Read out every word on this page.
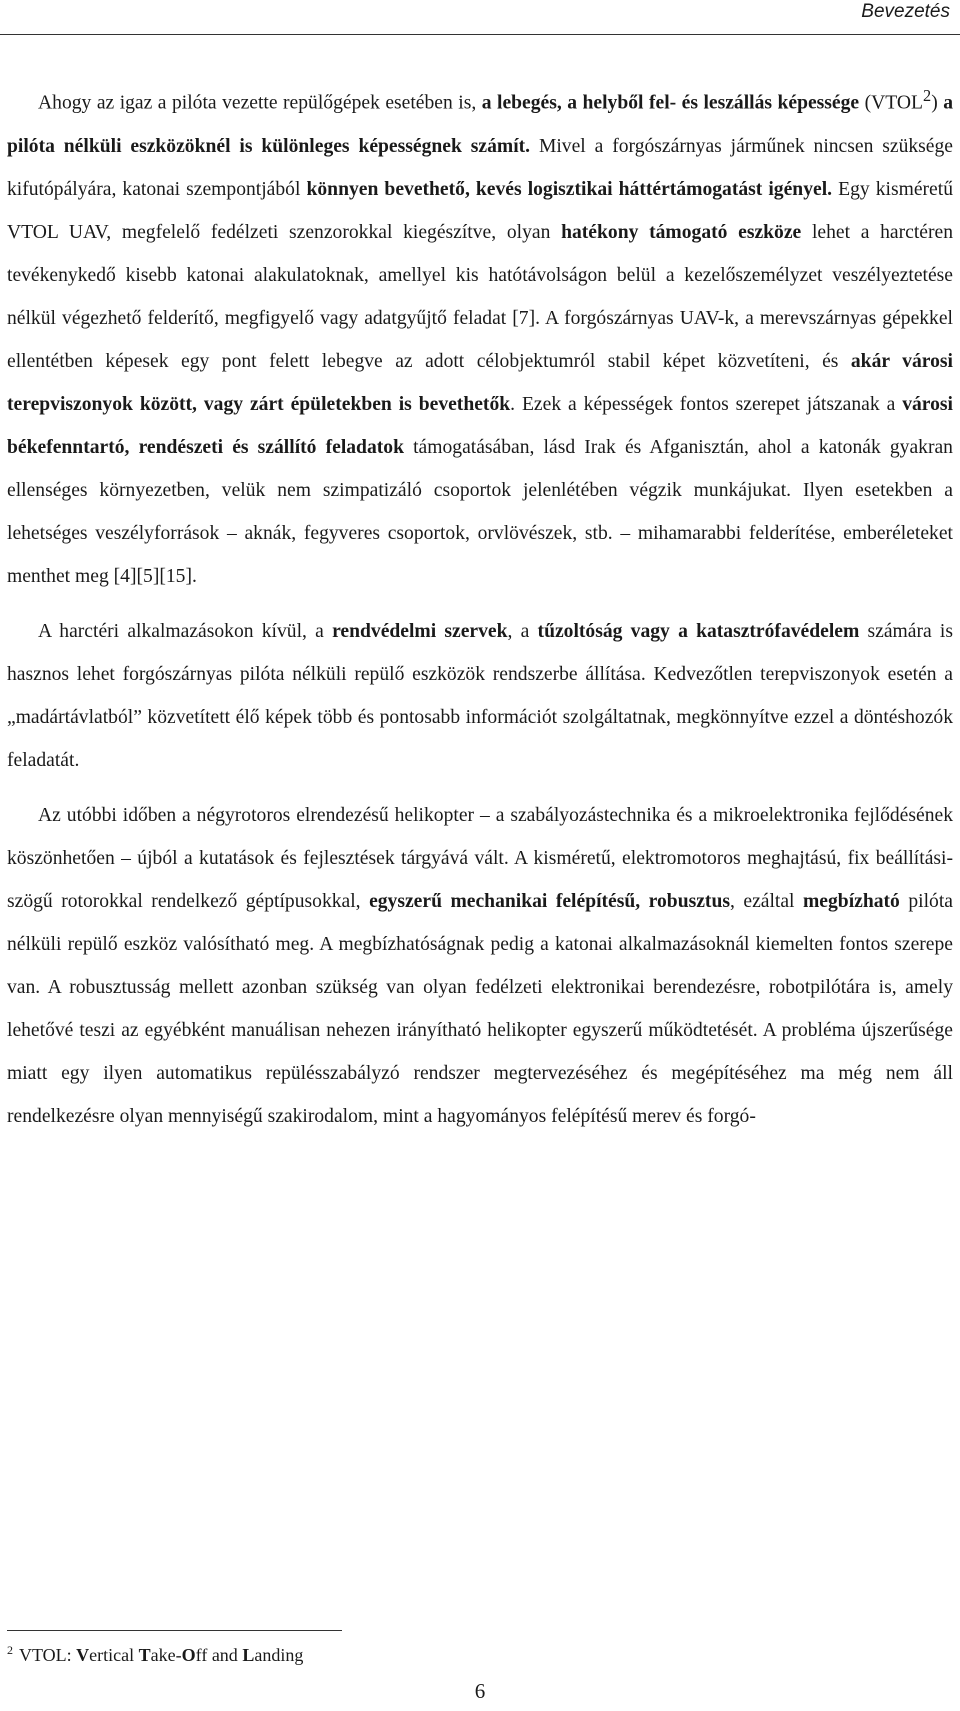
Bevezetés

Ahogy az igaz a pilóta vezette repülőgépek esetében is, a lebegés, a helyből fel- és leszállás képessége (VTOL$^2$) a pilóta nélküli eszközöknél is különleges képességnek számít. Mivel a forgószárnyas járműnek nincsen szüksége kifutópályára, katonai szempontjából könnyen bevethető, kevés logisztikai háttértámogatást igényel. Egy kisméretű VTOL UAV, megfelelő fedélzeti szenzorokkal kiegészítve, olyan hatékony támogató eszköze lehet a harctéren tevékenykedő kisebb katonai alakulatoknak, amellyel kis hatótávolságon belül a kezelőszemélyzet veszélyeztetése nélkül végezhető felderítő, megfigyelő vagy adatgyűjtő feladat [7]. A forgószárnyas UAV-k, a merevszárnyas gépekkel ellentétben képesek egy pont felett lebegve az adott célobjektumról stabil képet közvetíteni, és akár városi terepviszonyok között, vagy zárt épületekben is bevethetők. Ezek a képességek fontos szerepet játszanak a városi békefenntartó, rendészeti és szállító feladatok támogatásában, lásd Irak és Afganisztán, ahol a katonák gyakran ellenséges környezetben, velük nem szimpatizáló csoportok jelenlétében végzik munkájukat. Ilyen esetekben a lehetséges veszélyforrások – aknák, fegyveres csoportok, orvlövészek, stb. – mihamarabbi felderítése, emberéleteket menthet meg [4][5][15].

A harctéri alkalmazásokon kívül, a rendvédelmi szervek, a tűzoltóság vagy a katasztrófavédelem számára is hasznos lehet forgószárnyas pilóta nélküli repülő eszközök rendszerbe állítása. Kedvezőtlen terepviszonyok esetén a „madártávlatból” közvetített élő képek több és pontosabb információt szolgáltatnak, megkönnyítve ezzel a döntéshozók feladatát.

Az utóbbi időben a négyrotoros elrendezésű helikopter – a szabályozástechnika és a mikroelektronika fejlődésének köszönhetően – újból a kutatások és fejlesztések tárgyává vált. A kisméretű, elektromotoros meghajtású, fix beállítási-szögű rotorokkal rendelkező géptípusokkal, egyszerű mechanikai felépítésű, robusztus, ezáltal megbízható pilóta nélküli repülő eszköz valósítható meg. A megbízhatóságnak pedig a katonai alkalmazásoknál kiemelten fontos szerepe van. A robusztusság mellett azonban szükség van olyan fedélzeti elektronikai berendezésre, robotpilótára is, amely lehetővé teszi az egyébként manuálisan nehezen irányítható helikopter egyszerű működtetését. A probléma újszerűsége miatt egy ilyen automatikus repülésszabályzó rendszer megtervezéséhez és megépítéséhez ma még nem áll rendelkezésre olyan mennyiségű szakirodalom, mint a hagyományos felépítésű merev és forgó-

$^2$ VTOL: Vertical Take-Off and Landing
6
